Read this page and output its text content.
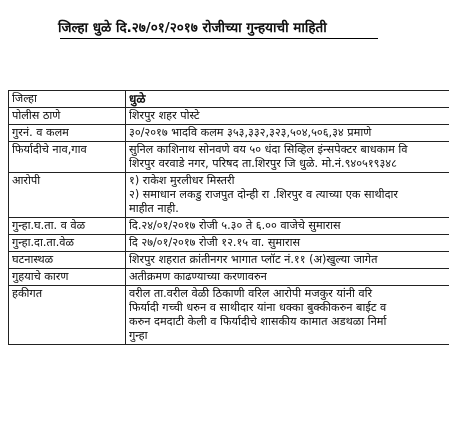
जिल्हा धुळे दि.२७/०१/२०१७ रोजीच्या गुन्हयाची माहिती
जिल्हा	धुळे

पोलीस ठाणे	शिरपुर शहर पोस्टे

गुरनं. व कलम	३०/२०१७ भादवि कलम ३५३,३३२,३२३,५०४,५०६,३४ प्रमाणे

फिर्यादीचे नाव,गाव	सुनिल काशिनाथ सोनवणे वय ५० धंदा सिव्हिल इंन्सपेक्टर बाधकाम वि
शिरपुर वरवाडे नगर, परिषद ता.शिरपुर जि धुळे. मो.नं.९४०५१९३४८

आरोपी	१) राकेश मुरलीधर मिस्तरी
२) समाधान लकडु राजपुत दोन्ही रा .शिरपुर व त्याच्या एक साथीदार
माहीत नाही.

गुन्हा.घ.ता. व वेळ	दि.२४/०१/२०१७ रोजी ५.३० ते ६.०० वाजेचे सुमारास

गुन्हा.दा.ता.वेळ	दि २७/०१/२०१७ रोजी १२.१५ वा. सुमारास

घटनास्थळ	शिरपुर शहरात क्रांतीनगर भागात प्लॉट नं.११ (अ)खुल्या जागेत

गुहयाचे कारण	अतीक्रमण काढण्याच्या करणावरुन

हकीगत	वरील ता.वरील वेळी ठिकाणी वरिल आरोपी मजकुर यांनी वरि
फिर्यादी गच्ची धरुन व साथीदार यांना धक्का बुक्कीकरुन बाईट व
करुन दमदाटी केली व फिर्यादीचे शासकीय कामात अडथळा निर्मा
गुन्हा
